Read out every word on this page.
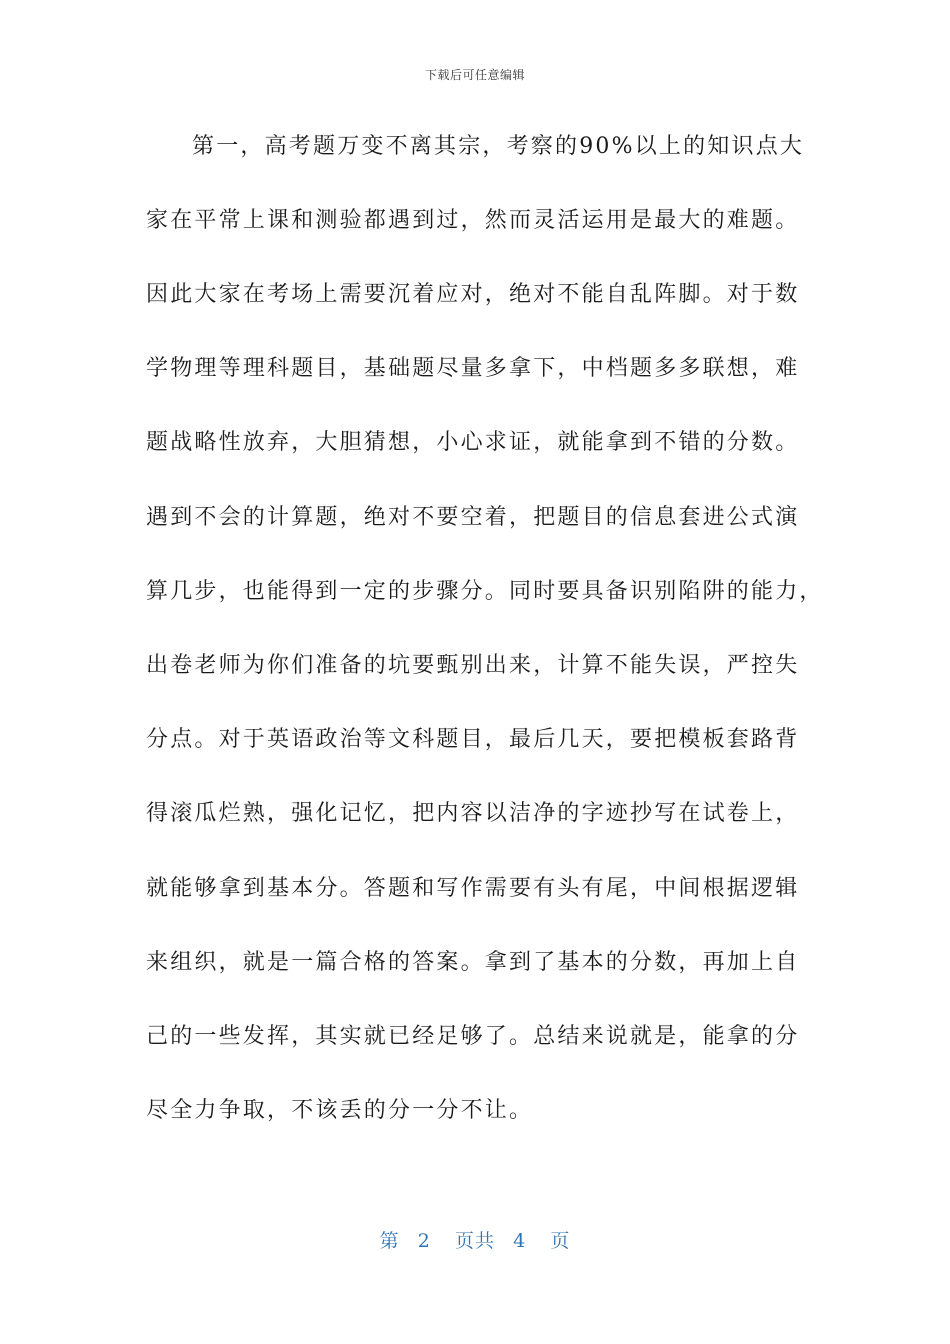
下载后可任意编辑
第一，高考题万变不离其宗，考察的90%以上的知识点大
家在平常上课和测验都遇到过，然而灵活运用是最大的难题。
因此大家在考场上需要沉着应对，绝对不能自乱阵脚。对于数
学物理等理科题目，基础题尽量多拿下，中档题多多联想，难
题战略性放弃，大胆猜想，小心求证，就能拿到不错的分数。
遇到不会的计算题，绝对不要空着，把题目的信息套进公式演
算几步，也能得到一定的步骤分。同时要具备识别陷阱的能力，
出卷老师为你们准备的坑要甄别出来，计算不能失误，严控失
分点。对于英语政治等文科题目，最后几天，要把模板套路背
得滚瓜烂熟，强化记忆，把内容以洁净的字迹抄写在试卷上，
就能够拿到基本分。答题和写作需要有头有尾，中间根据逻辑
来组织，就是一篇合格的答案。拿到了基本的分数，再加上自
己的一些发挥，其实就已经足够了。总结来说就是，能拿的分
尽全力争取，不该丢的分一分不让。
第 2 页共 4 页
